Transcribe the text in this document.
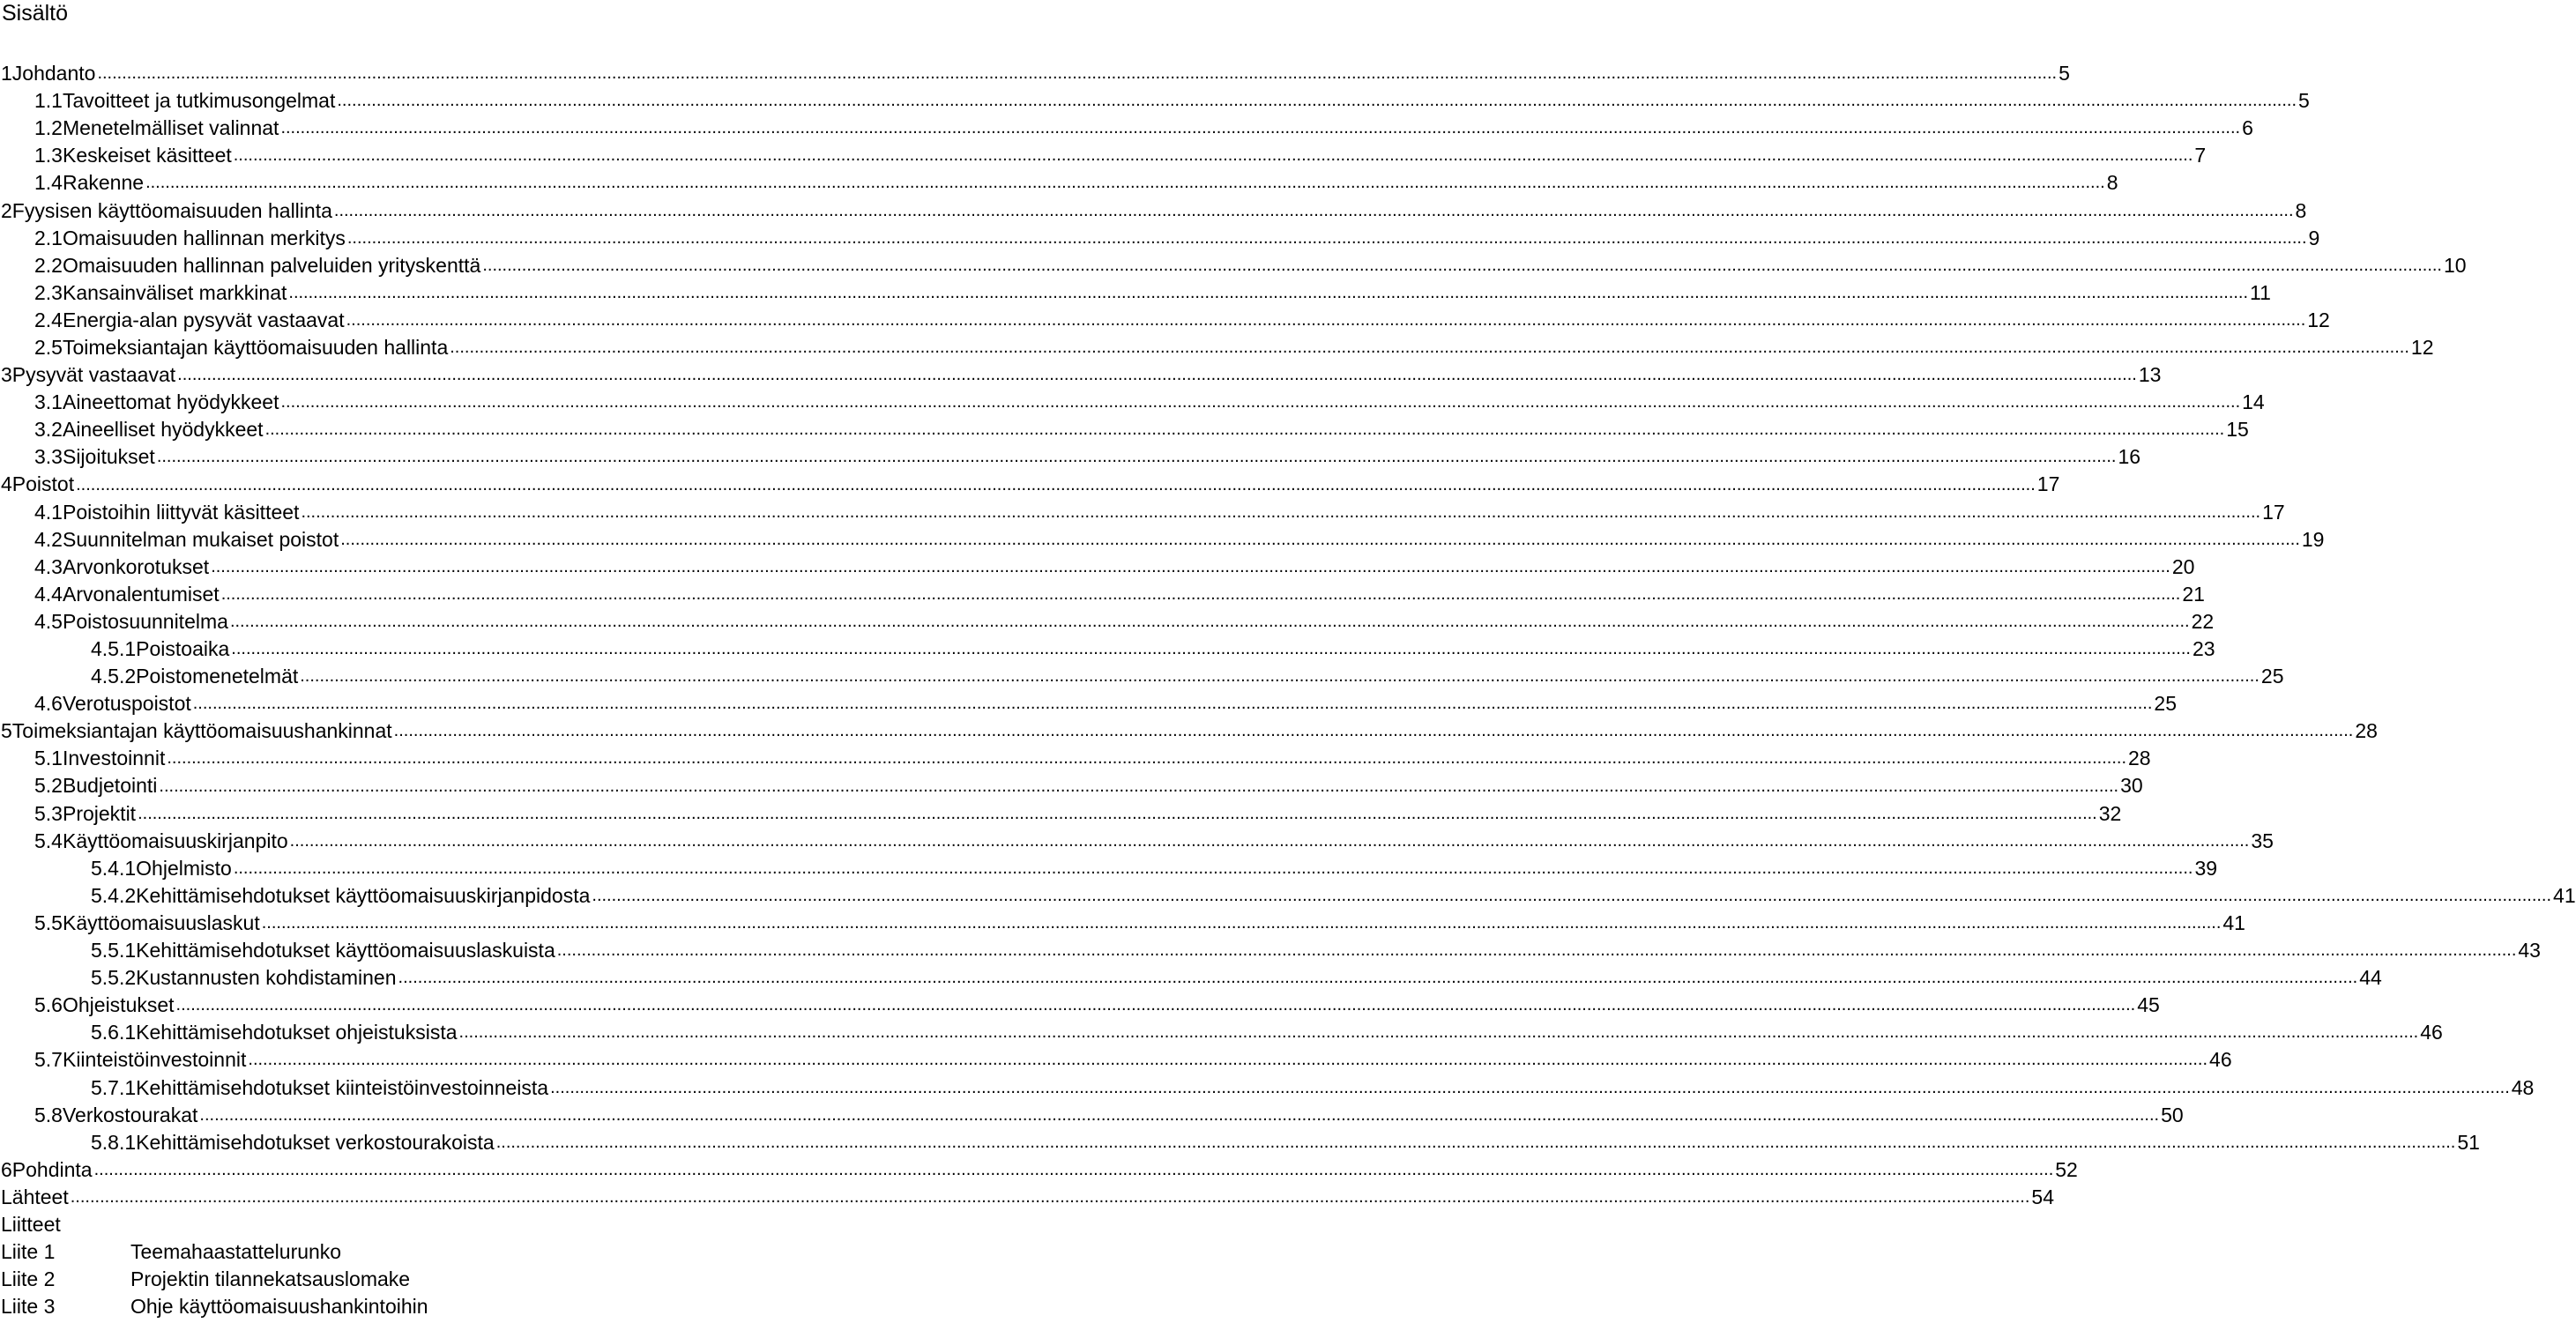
Sisältö
1 Johdanto ................................................................................................................................................................................................................................................................................................................................................................................................................ 5
1.1 Tavoitteet ja tutkimusongelmat ................................................................................................................................................................................................................................................................................................................................................................................................................ 5
1.2 Menetelmälliset valinnat ................................................................................................................................................................................................................................................................................................................................................................................................................ 6
1.3 Keskeiset käsitteet ................................................................................................................................................................................................................................................................................................................................................................................................................ 7
1.4 Rakenne ................................................................................................................................................................................................................................................................................................................................................................................................................ 8
2 Fyysisen käyttöomaisuuden hallinta ................................................................................................................................................................................................................................................................................................................................................................................................................ 8
2.1 Omaisuuden hallinnan merkitys ................................................................................................................................................................................................................................................................................................................................................................................................................ 9
2.2 Omaisuuden hallinnan palveluiden yrityskenttä ................................................................................................................................................................................................................................................................................................................................................................................................................ 10
2.3 Kansainväliset markkinat ................................................................................................................................................................................................................................................................................................................................................................................................................ 11
2.4 Energia-alan pysyvät vastaavat ................................................................................................................................................................................................................................................................................................................................................................................................................ 12
2.5 Toimeksiantajan käyttöomaisuuden hallinta ................................................................................................................................................................................................................................................................................................................................................................................................................ 12
3 Pysyvät vastaavat ................................................................................................................................................................................................................................................................................................................................................................................................................ 13
3.1 Aineettomat hyödykkeet ................................................................................................................................................................................................................................................................................................................................................................................................................ 14
3.2 Aineelliset hyödykkeet ................................................................................................................................................................................................................................................................................................................................................................................................................ 15
3.3 Sijoitukset ................................................................................................................................................................................................................................................................................................................................................................................................................ 16
4 Poistot ................................................................................................................................................................................................................................................................................................................................................................................................................ 17
4.1 Poistoihin liittyvät käsitteet ................................................................................................................................................................................................................................................................................................................................................................................................................ 17
4.2 Suunnitelman mukaiset poistot ................................................................................................................................................................................................................................................................................................................................................................................................................ 19
4.3 Arvonkorotukset ................................................................................................................................................................................................................................................................................................................................................................................................................ 20
4.4 Arvonalentumiset ................................................................................................................................................................................................................................................................................................................................................................................................................ 21
4.5 Poistosuunnitelma ................................................................................................................................................................................................................................................................................................................................................................................................................ 22
4.5.1 Poistoaika ................................................................................................................................................................................................................................................................................................................................................................................................................ 23
4.5.2 Poistomenetelmät ................................................................................................................................................................................................................................................................................................................................................................................................................ 25
4.6 Verotuspoistot ................................................................................................................................................................................................................................................................................................................................................................................................................ 25
5 Toimeksiantajan käyttöomaisuushankinnat ................................................................................................................................................................................................................................................................................................................................................................................................................ 28
5.1 Investoinnit ................................................................................................................................................................................................................................................................................................................................................................................................................ 28
5.2 Budjetointi ................................................................................................................................................................................................................................................................................................................................................................................................................ 30
5.3 Projektit ................................................................................................................................................................................................................................................................................................................................................................................................................ 32
5.4 Käyttöomaisuuskirjanpito ................................................................................................................................................................................................................................................................................................................................................................................................................ 35
5.4.1 Ohjelmisto ................................................................................................................................................................................................................................................................................................................................................................................................................ 39
5.4.2 Kehittämisehdotukset käyttöomaisuuskirjanpidosta ................................................................................................................................................................................................................................................................................................................................................................................................................ 41
5.5 Käyttöomaisuuslaskut ................................................................................................................................................................................................................................................................................................................................................................................................................ 41
5.5.1 Kehittämisehdotukset käyttöomaisuuslaskuista ................................................................................................................................................................................................................................................................................................................................................................................................................ 43
5.5.2 Kustannusten kohdistaminen ................................................................................................................................................................................................................................................................................................................................................................................................................ 44
5.6 Ohjeistukset ................................................................................................................................................................................................................................................................................................................................................................................................................ 45
5.6.1 Kehittämisehdotukset ohjeistuksista ................................................................................................................................................................................................................................................................................................................................................................................................................ 46
5.7 Kiinteistöinvestoinnit ................................................................................................................................................................................................................................................................................................................................................................................................................ 46
5.7.1 Kehittämisehdotukset kiinteistöinvestoinneista ................................................................................................................................................................................................................................................................................................................................................................................................................ 48
5.8 Verkostourakat ................................................................................................................................................................................................................................................................................................................................................................................................................ 50
5.8.1 Kehittämisehdotukset verkostourakoista ................................................................................................................................................................................................................................................................................................................................................................................................................ 51
6 Pohdinta ................................................................................................................................................................................................................................................................................................................................................................................................................ 52
Lähteet ................................................................................................................................................................................................................................................................................................................................................................................................................ 54
Liitteet
Liite 1	Teemahaastattelurunko
Liite 2	Projektin tilannekatsauslomake
Liite 3	Ohje käyttöomaisuushankintoihin
